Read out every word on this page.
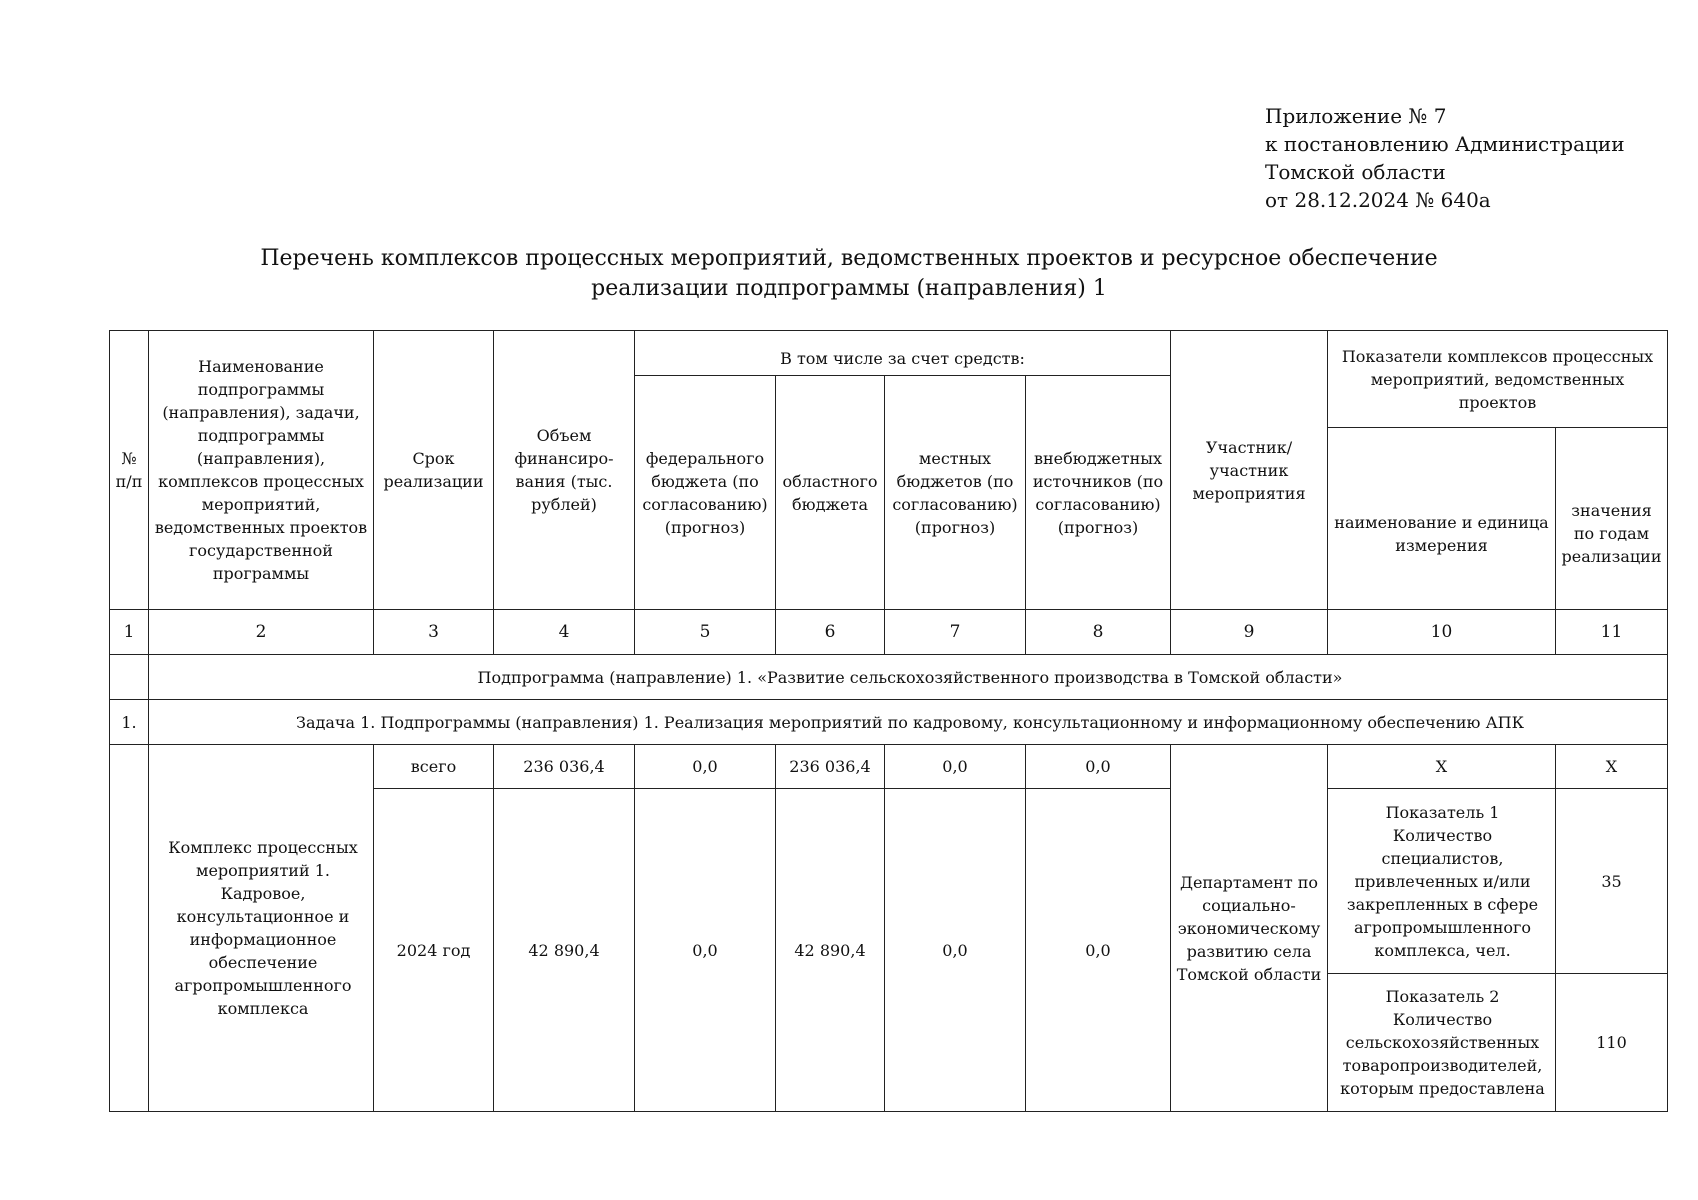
Приложение № 7
к постановлению Администрации
Томской области
от 28.12.2024 № 640а
Перечень комплексов процессных мероприятий, ведомственных проектов и ресурсное обеспечение
реализации подпрограммы (направления) 1
№ п/п	Наименование подпрограммы (направления), задачи, подпрограммы (направления), комплексов процессных мероприятий, ведомственных проектов государственной программы	Срок реализации	Объем финансиро-вания (тыс. рублей)	В том числе за счет средств:				Участник/ участник мероприятия	Показатели комплексов процессных мероприятий, ведомственных проектов	
				федерального бюджета (по согласованию) (прогноз)	областного бюджета	местных бюджетов (по согласованию) (прогноз)	внебюджетных источников (по согласованию) (прогноз)			
									наименование и единица измерения	значения по годам реализации
1	2	3	4	5	6	7	8	9	10	11
	Подпрограмма (направление) 1. «Развитие сельскохозяйственного производства в Томской области»									
1.	Задача 1. Подпрограммы (направления) 1. Реализация мероприятий по кадровому, консультационному и информационному обеспечению АПК									
	Комплекс процессных мероприятий 1. Кадровое, консультационное и информационное обеспечение агропромышленного комплекса	всего	236 036,4	0,0	236 036,4	0,0	0,0	Департамент по социально-экономическому развитию села Томской области	Х	Х
		2024 год	42 890,4	0,0	42 890,4	0,0	0,0		Показатель 1 Количество специалистов, привлеченных и/или закрепленных в сфере агропромышленного комплекса, чел.	35
									Показатель 2 Количество сельскохозяйственных товаропроизводителей, которым предоставлена	110
